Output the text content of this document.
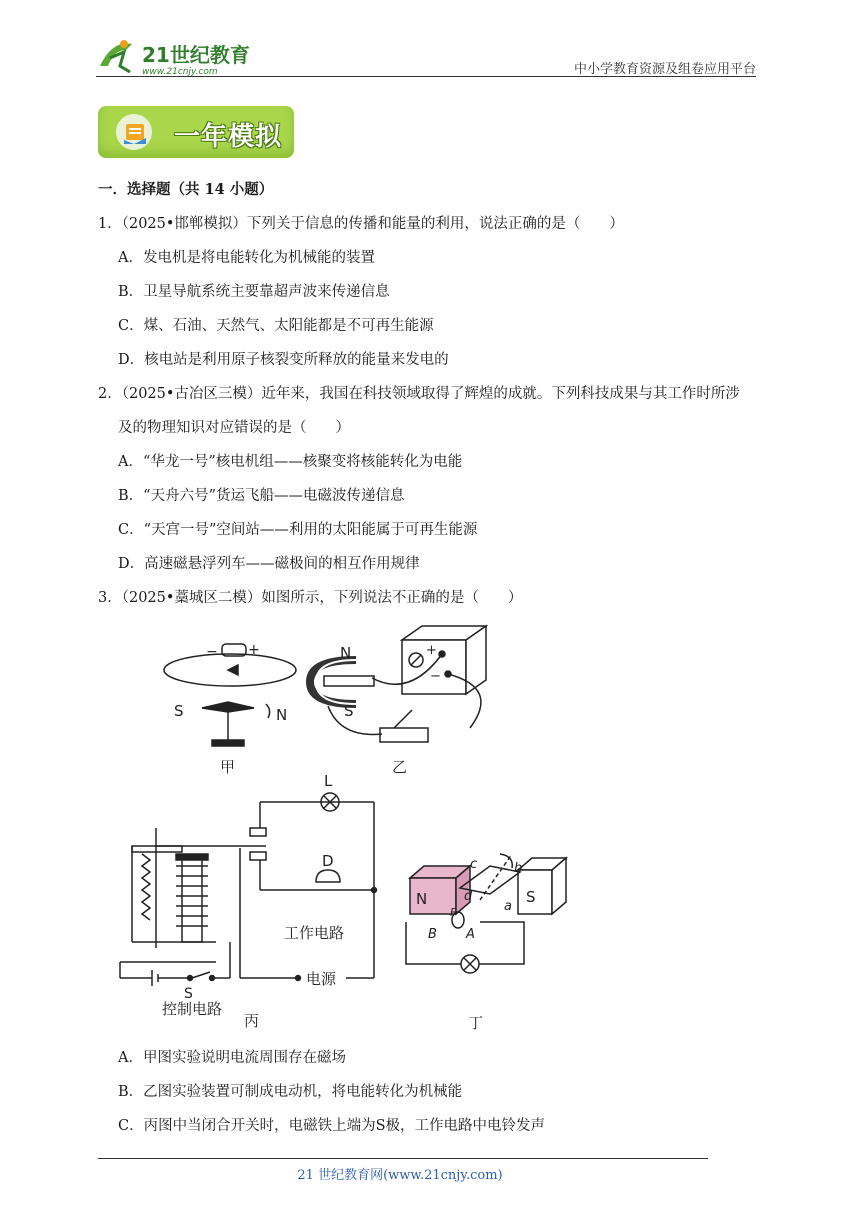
21世纪教育
www.21cnjy.com	中小学教育资源及组卷应用平台
一年模拟
一．选择题（共 14 小题）
1．（2025•邯郸模拟）下列关于信息的传播和能量的利用，说法正确的是（　　）
A．发电机是将电能转化为机械能的装置
B．卫星导航系统主要靠超声波来传递信息
C．煤、石油、天然气、太阳能都是不可再生能源
D．核电站是利用原子核裂变所释放的能量来发电的
2．（2025•古冶区三模）近年来，我国在科技领域取得了辉煌的成就。下列科技成果与其工作时所涉
及的物理知识对应错误的是（　　）
A．“华龙一号”核电机组——核聚变将核能转化为电能
B．“天舟六号”货运飞船——电磁波传递信息
C．“天宫一号”空间站——利用的太阳能属于可再生能源
D．高速磁悬浮列车——磁极间的相互作用规律
3．（2025•藁城区二模）如图所示，下列说法不正确的是（　　）
− +
S	N
甲
N
S
+
−
乙
L
D
工作电路
电源
S
控制电路
丙
N	S
c	b
d
a
F
B A
丁
A．甲图实验说明电流周围存在磁场
B．乙图实验装置可制成电动机，将电能转化为机械能
C．丙图中当闭合开关时，电磁铁上端为S极，工作电路中电铃发声
21 世纪教育网(www.21cnjy.com)
